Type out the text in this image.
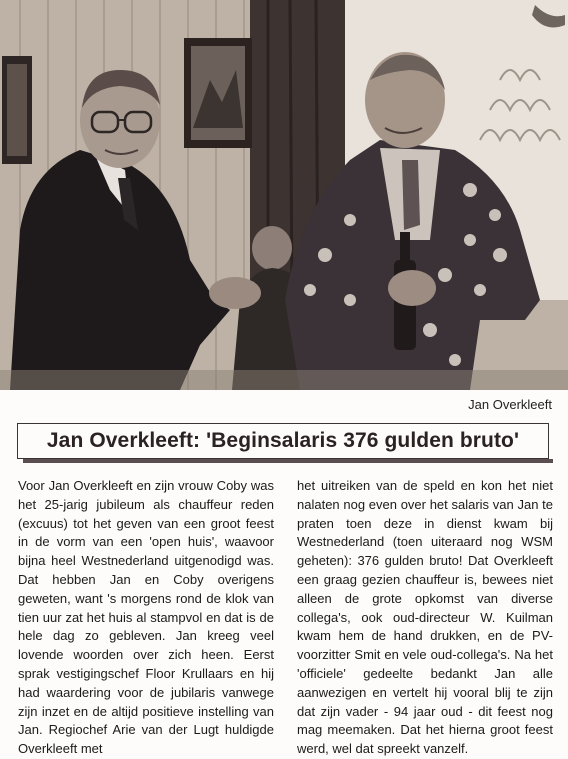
Jan Overkleeft
Jan Overkleeft: 'Beginsalaris 376 gulden bruto'

Voor Jan Overkleeft en zijn vrouw Coby was het 25-jarig jubileum als chauffeur reden (excuus) tot het geven van een groot feest in de vorm van een 'open huis', waavoor bijna heel Westnederland uitgenodigd was. Dat hebben Jan en Coby overigens geweten, want 's morgens rond de klok van tien uur zat het huis al stampvol en dat is de hele dag zo gebleven. Jan kreeg veel lovende woorden over zich heen. Eerst sprak vestigingschef Floor Krullaars en hij had waardering voor de jubilaris vanwege zijn inzet en de altijd positieve instelling van Jan. Regiochef Arie van der Lugt huldigde Overkleeft met

het uitreiken van de speld en kon het niet nalaten nog even over het salaris van Jan te praten toen deze in dienst kwam bij Westnederland (toen uiteraard nog WSM geheten): 376 gulden bruto! Dat Overkleeft een graag gezien chauffeur is, bewees niet alleen de grote opkomst van diverse collega's, ook oud-directeur W. Kuilman kwam hem de hand drukken, en de PV-voorzitter Smit en vele oud-collega's. Na het 'officiele' gedeelte bedankt Jan alle aanwezigen en vertelt hij vooral blij te zijn dat zijn vader - 94 jaar oud - dit feest nog mag meemaken. Dat het hierna groot feest werd, wel dat spreekt vanzelf.
